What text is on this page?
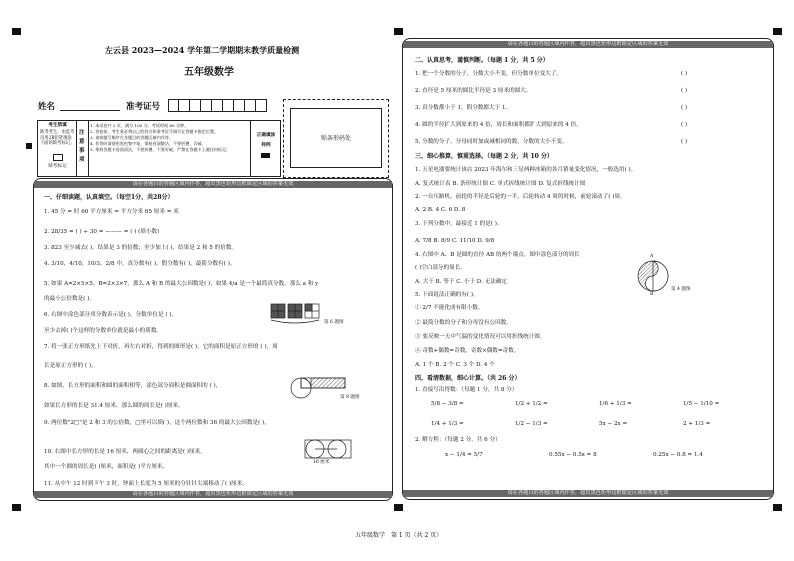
左云县 2023—2024 学年第二学期期末教学质量检测
五年级数学
姓名	准考证号
贴条形码处
考生禁填
缺考考生，由监考员用2B铅笔填涂下面的缺考标记。
缺考标记
注意事项
1. 本试卷共 2 页，满分 100 分，考试时间 60 分钟。
2. 答卷前，考生务必将自己的姓名和准考证号填写在答题卡指定位置。
3. 请按题号顺序在各题目的答题区域内作答。
4. 作答时请使用黑色签字笔，保持卷面整洁，不要折叠、弄破。
5. 保持答题卡卷面清洁，不要折叠、不要弄破，严禁在答题卡上做任何标记。
正确填涂
样例
请在各题目的答题区域内作答，超出黑色矩形边框限定区域的答案无效
请在各题目的答题区域内作答，超出黑色矩形边框限定区域的答案无效
一、仔细读题，认真填空。（每空1分，共28分）
1. 45 分 = 时 60 平方厘米 = 平方分米 65 厘米 = 米
2. 28/35 = ( ) ÷ 30 = ——— = ( ) (填小数)
3. 823 至少减去( )，结果是 3 的倍数；至少加上( )，结果是 2 和 5 的倍数。
4. 3/10，4/10，10/3，2/8 中，真分数有( )，假分数有( )，最简分数有( )。
5. 如果 A=2×5×5，B=2×3×7，那么 A 和 B 的最大公因数是( )；如果 4/a 是一个最简真分数，那么 a 和 y
的最小公倍数是( )。
6. 右图中涂色部分用分数表示是( )，分数单位是 ( )，
至少去掉( )个这样的分数单位就是最小的质数。
7. 将一张正方形纸先上下对折，再左右对折，得到的图形是( )，它的面积是原正方形的 ( )，周
长是原正方形的 ( )。
8. 如图，长方形的面积和圆的面积相等，涂色部分面积是圆面积的 ( )，
如果长方形的长是 31.4 厘米，那么圆的周长是( )厘米。
9. 两位数"2□"是 2 和 3 的公倍数，□里可以填( )，这个两位数和 36 的最大公因数是( )。
10. 右图中长方形的长是 16 厘米，两圆心之间的距离是( )厘米，
其中一个圆的周长是( )厘米，面积是( )平方厘米。
11. 从中午 12 时到下午 3 时，钟面上长度为 5 厘米的分针针尖端移动了( )厘米。
第 6 题图
第 8 题图
16 厘米
请在各题目的答题区域内作答，超出黑色矩形边框限定区域的答案无效
请在各题目的答题区域内作答，超出黑色矩形边框限定区域的答案无效
二、认真思考，谨慎判断。（每题 1 分，共 5 分）
1. 把一个分数的分子，分数大小不变，但分数单位变大了。	( )
2. 直径是 5 厘米的圆比半径是 3 厘米的圆大。	( )
3. 真分数都小于 1，假分数都大于 1。	( )
4. 圆的半径扩大到原来的 4 倍，周长和面积都扩大到原来的 4 倍。	( )
5. 分数的分子、分母同时加或减相同的数，分数的大小不变。	( )
三、细心推算，慎重选择。（每题 2 分，共 10 分）
1. 五星电器要统计该店 2023 年海尔和三星两种冰箱的各月销量变化情况，一般选用( )。
A. 复式统计表 B. 条形统计图 C. 单式折线统计图 D. 复式折线统计图
2. 一台压路机，前轮的半径是后轮的一半，后轮转动 4 周的时候，前轮滚动了( )周。
A. 2 B. 4 C. 6 D. 8
3. 下列分数中，最接近 1 的是( )。
A. 7/8 B. 8/9 C. 11/10 D. 9/8
4. 右图中 A、B 是圆的直径 AB 的两个端点，图中涂色部分的周长
( )空白部分的周长。
A. 大于 B. 等于 C. 小于 D. 无法确定
5. 下面说法正确的有( )。
① 2/7 不能化成有限小数。
② 最简分数的分子和分母没有公因数。
③ 要反映一天中气温的变化情况可以用折线统计图。
④ 奇数+偶数=奇数，奇数×偶数=奇数。
A. 1 个 B. 2 个 C. 3 个 D. 4 个
A
B
第 4 题图
四、看清数据，细心计算。（共 26 分）
1. 直接写出得数：（每题 1 分，共 8 分）
5/8 − 3/8 =	1/2 + 1/2 =	1/6 + 1/3 =	1/5 − 1/10 =
1/4 + 1/3 =	1/2 − 1/3 =	5x − 2x =	2 + 1/3 =
2. 解方程：（每题 2 分，共 6 分）
x − 1/4 = 5/7	0.55x − 0.5x = 8	0.25x − 0.8 = 1.4
五年级数学　第 1 页（共 2 页）
